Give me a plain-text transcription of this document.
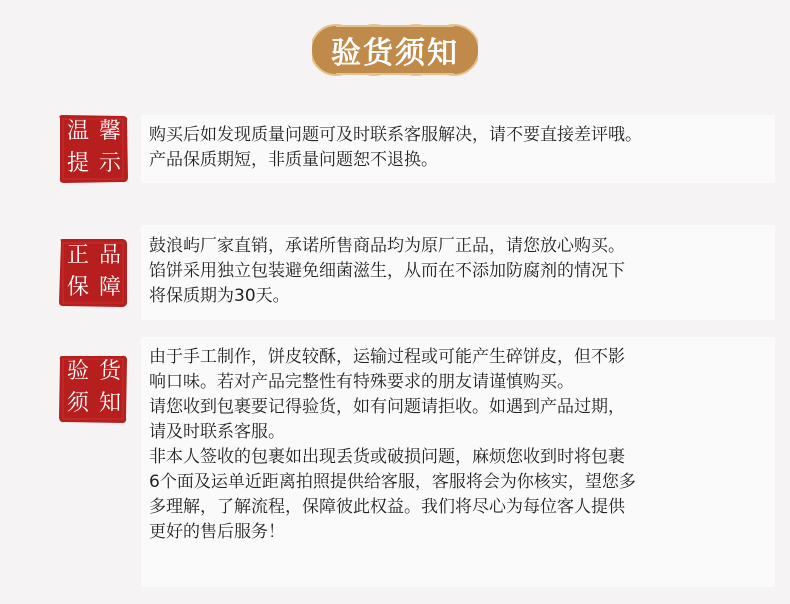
验货须知
温 馨
提 示

购买后如发现质量问题可及时联系客服解决，请不要直接差评哦。

产品保质期短，非质量问题恕不退换。

正 品
保 障

鼓浪屿厂家直销，承诺所售商品均为原厂正品，请您放心购买。

馅饼采用独立包装避免细菌滋生，从而在不添加防腐剂的情况下

将保质期为30天。

验 货
须 知

由于手工制作，饼皮较酥，运输过程或可能产生碎饼皮，但不影

响口味。若对产品完整性有特殊要求的朋友请谨慎购买。

请您收到包裹要记得验货，如有问题请拒收。如遇到产品过期，

请及时联系客服。

非本人签收的包裹如出现丢货或破损问题，麻烦您收到时将包裹

6个面及运单近距离拍照提供给客服，客服将会为你核实，望您多

多理解，了解流程，保障彼此权益。我们将尽心为每位客人提供

更好的售后服务！
